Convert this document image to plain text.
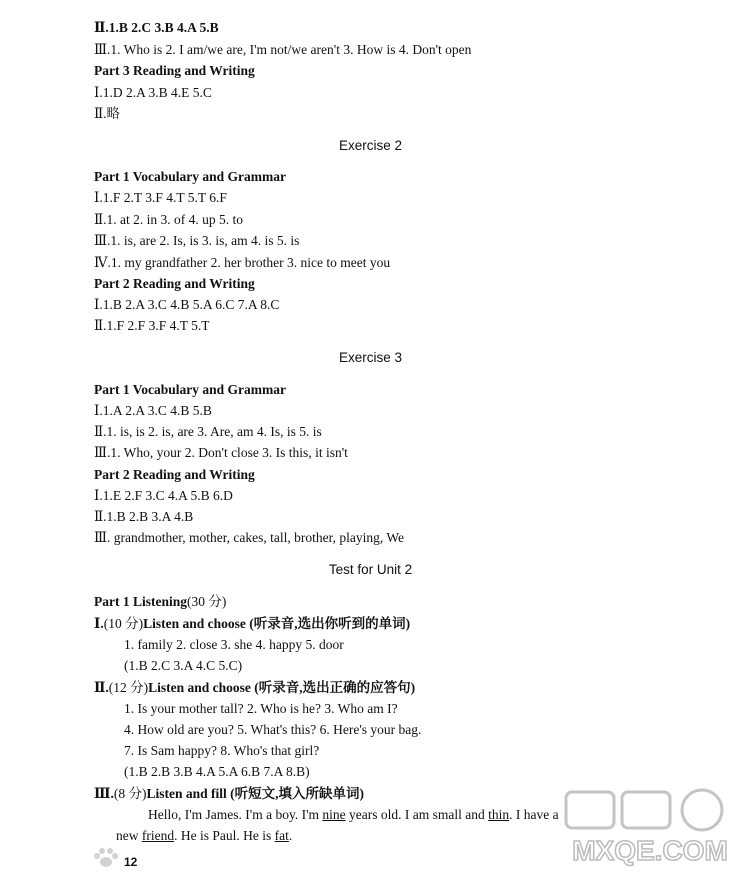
Ⅱ.1.B 2.C 3.B 4.A 5.B
Ⅲ.1. Who is 2. I am/we are, I'm not/we aren't 3. How is 4. Don't open
Part 3 Reading and Writing
Ⅰ.1.D 2.A 3.B 4.E 5.C
Ⅱ.略
Exercise 2
Part 1 Vocabulary and Grammar
Ⅰ.1.F 2.T 3.F 4.T 5.T 6.F
Ⅱ.1. at 2. in 3. of 4. up 5. to
Ⅲ.1. is, are 2. Is, is 3. is, am 4. is 5. is
Ⅳ.1. my grandfather 2. her brother 3. nice to meet you
Part 2 Reading and Writing
Ⅰ.1.B 2.A 3.C 4.B 5.A 6.C 7.A 8.C
Ⅱ.1.F 2.F 3.F 4.T 5.T
Exercise 3
Part 1 Vocabulary and Grammar
Ⅰ.1.A 2.A 3.C 4.B 5.B
Ⅱ.1. is, is 2. is, are 3. Are, am 4. Is, is 5. is
Ⅲ.1. Who, your 2. Don't close 3. Is this, it isn't
Part 2 Reading and Writing
Ⅰ.1.E 2.F 3.C 4.A 5.B 6.D
Ⅱ.1.B 2.B 3.A 4.B
Ⅲ. grandmother, mother, cakes, tall, brother, playing, We
Test for Unit 2
Part 1 Listening(30 分)
Ⅰ.(10 分)Listen and choose (听录音,选出你听到的单词)
1. family 2. close 3. she 4. happy 5. door
(1.B 2.C 3.A 4.C 5.C)
Ⅱ.(12 分)Listen and choose (听录音,选出正确的应答句)
1. Is your mother tall? 2. Who is he? 3. Who am I?
4. How old are you? 5. What's this? 6. Here's your bag.
7. Is Sam happy? 8. Who's that girl?
(1.B 2.B 3.B 4.A 5.A 6.B 7.A 8.B)
Ⅲ.(8 分)Listen and fill (听短文,填入所缺单词)
Hello, I'm James. I'm a boy. I'm nine years old. I am small and thin. I have a
new friend. He is Paul. He is fat.
12	MXQE.COM
